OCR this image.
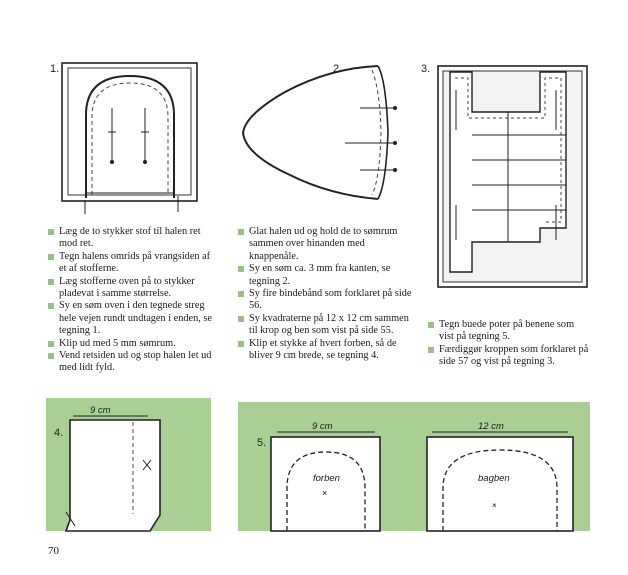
1.	2.	3.

Læg de to stykker stof til halen ret mod ret.

Tegn halens omrids på vrangsiden af et af stofferne.

Læg stofferne oven på to stykker pladevat i samme størrelse.

Sy en søm oven i den tegnede streg hele vejen rundt undtagen i enden, se tegning 1.

Klip ud med 5 mm sømrum.

Vend retsiden ud og stop halen let ud med lidt fyld.

Glat halen ud og hold de to sømrum sammen over hinanden med knappenåle.

Sy en søm ca. 3 mm fra kanten, se tegning 2.

Sy fire bindebånd som forklaret på side 56.

Sy kvadraterne på 12 x 12 cm sammen til krop og ben som vist på side 55.

Klip et stykke af hvert forben, så de bliver 9 cm brede, se tegning 4.

Tegn buede poter på benene som vist på tegning 5.

Færdiggør kroppen som forklaret på side 57 og vist på tegning 3.

4.
9 cm
5.
9 cm	12 cm
×
×
forben	bagben
70
